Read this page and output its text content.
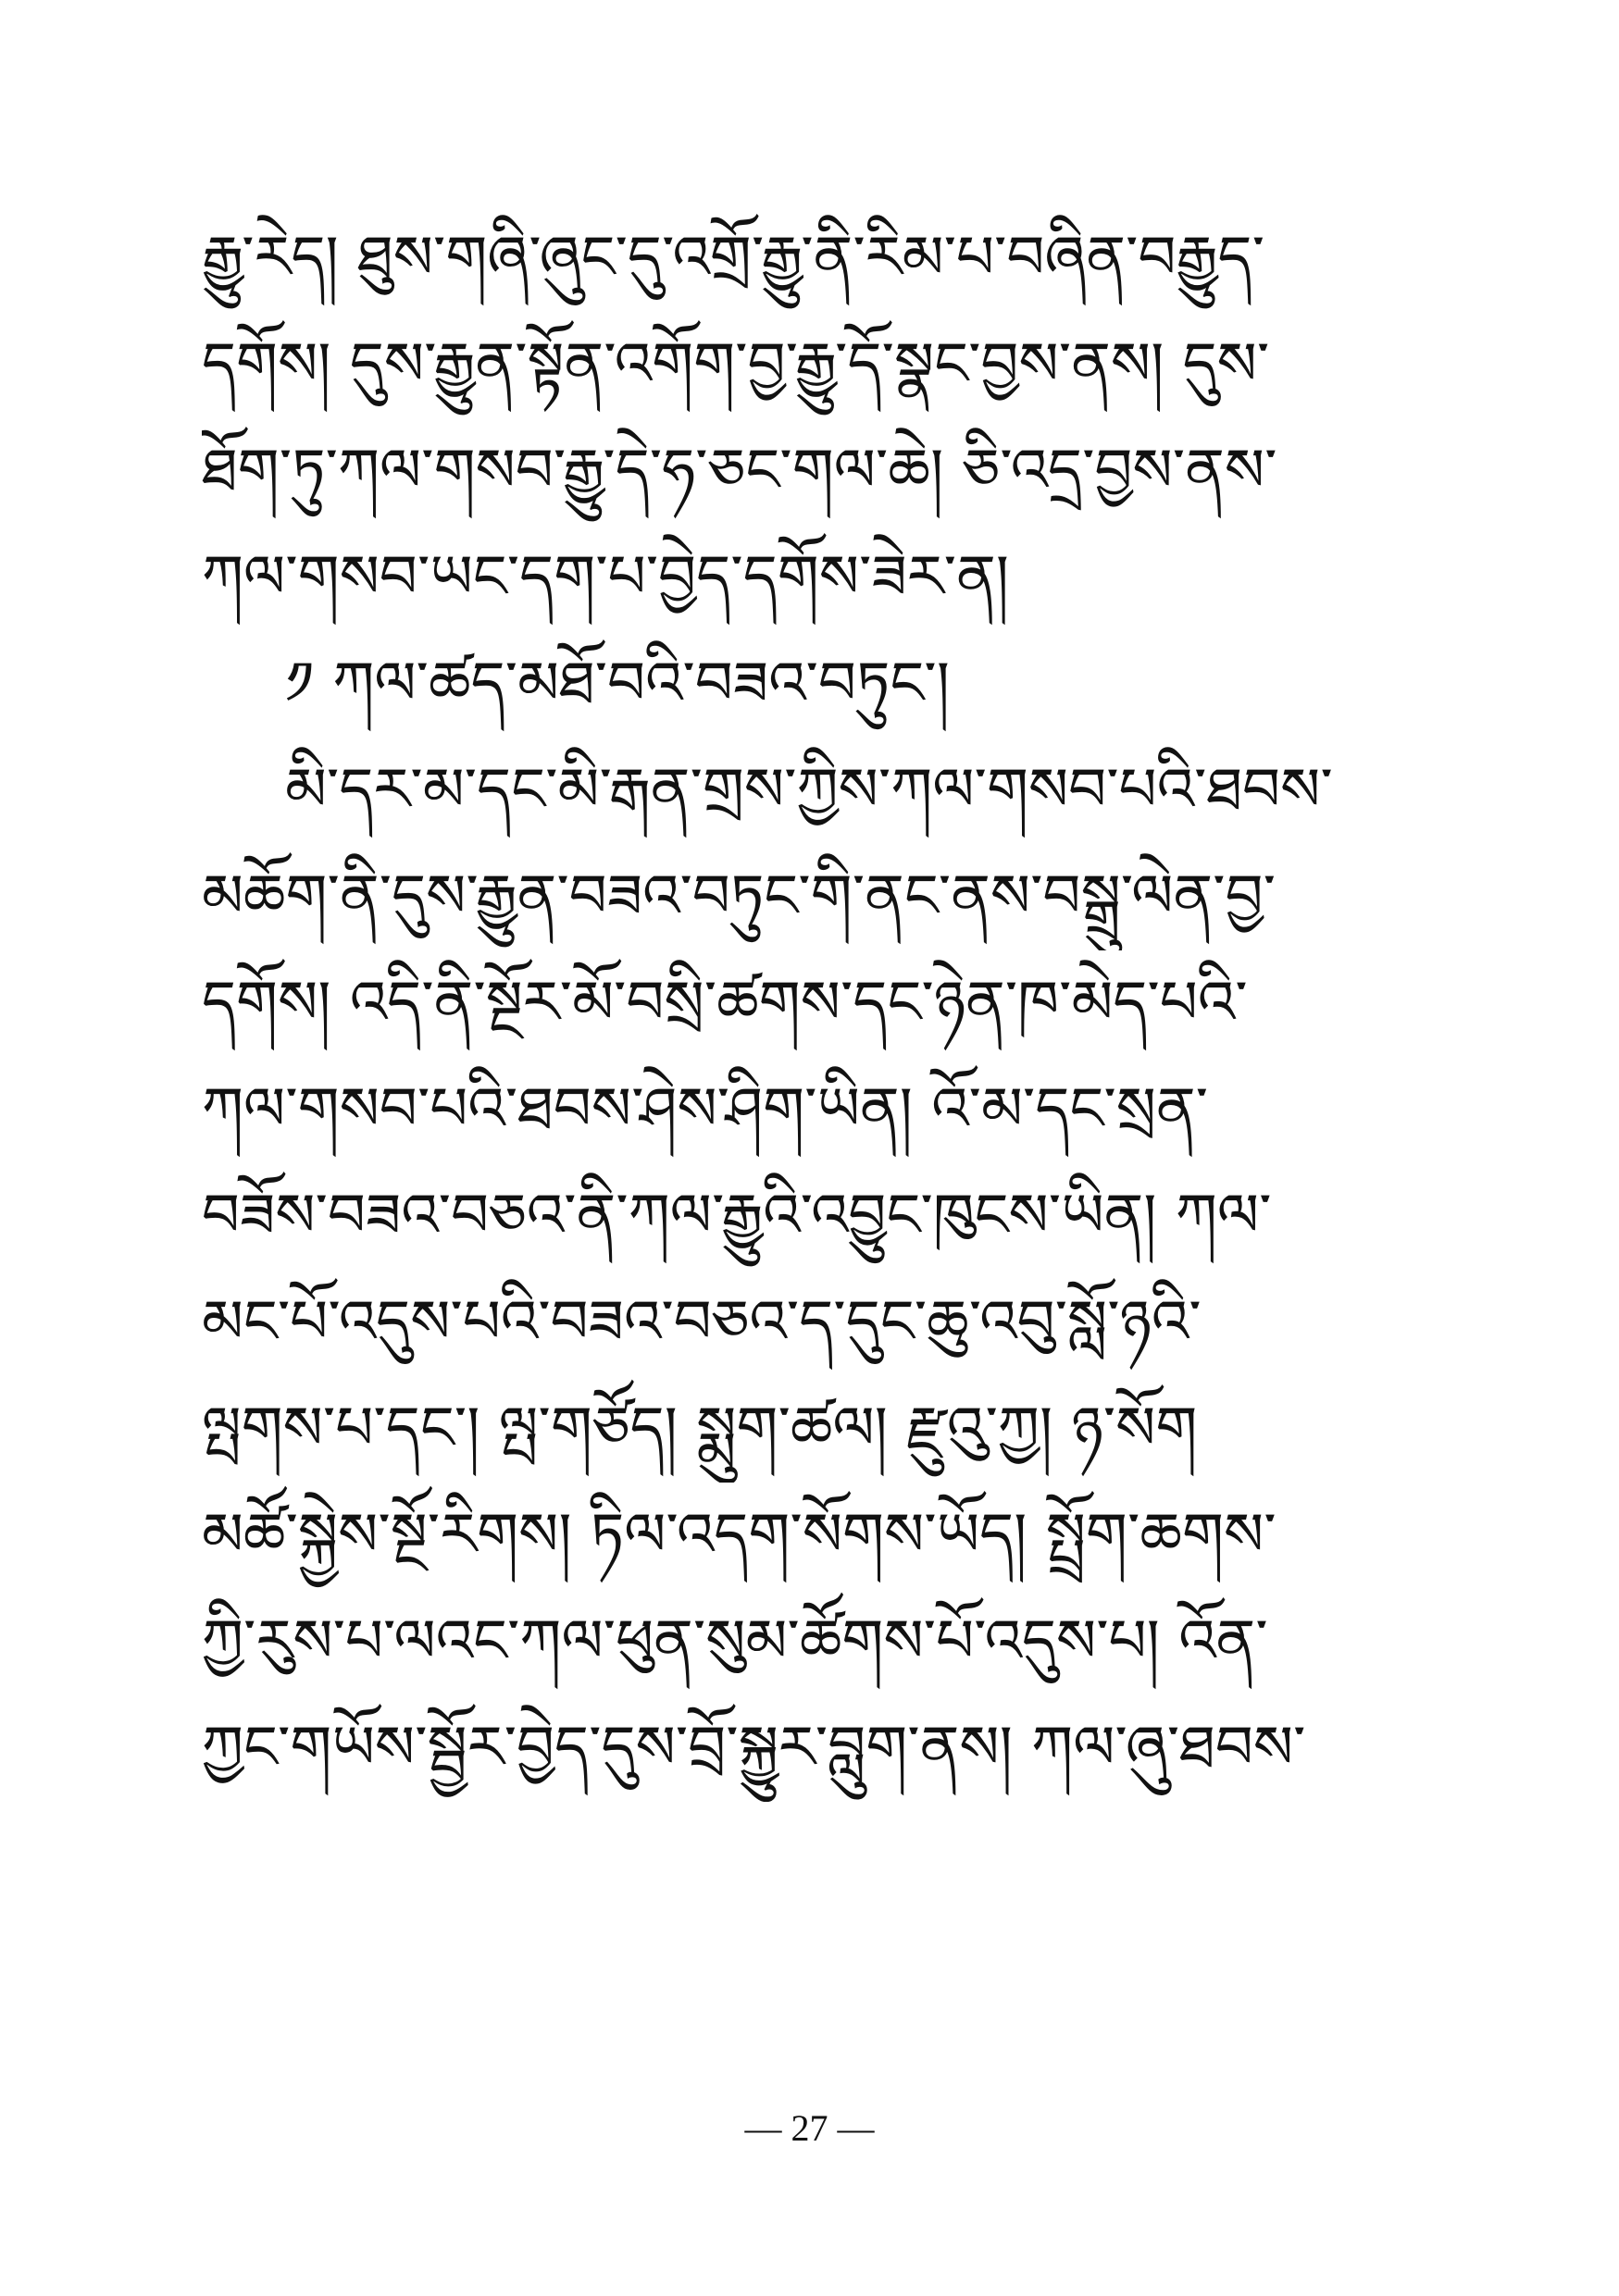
རྒྱུ་རེད། ཐུས་གཞི་ཞུང་དུ་འགྲོ་རྒྱུ་ནི་རིམ་པ་བཞིན་བརྒྱུད་
དགོས། དུས་རྒྱུན་སྟོན་འགོག་བྱ་རྒྱུ་དོ་སྣང་བྱས་ནས། དུས་
ཐོག་ཏུ་ཀལ་གསབ་རྒྱུ་དེ་ཧ་ཅང་གལ་ཆེ། ཅི་འདྲ་བྱས་ནས་
ཀལ་གསབ་ཡང་དག་པ་བྱེད་དགོས་ཟེར་ན།
༡ ཀལ་ཚད་མཐོ་བའི་བཟའ་བཏུང་།
མི་དར་མ་དང་མི་རྒན་གྲས་ཀྱིས་ཀལ་གསབ་པའི་ཐབས་
མཆོག་ནི་དུས་རྒྱུན་བཟའ་བཏུང་གི་ནང་ནས་བསྒྲུ་ལེན་བྱ་
དགོས། འདི་ནི་སྔོར་མོ་བསྲི་ཚགས་དང་ཉེན་ཁ་མེད་པའི་
ཀལ་གསབ་པའི་ཐབས་ཤེས་ཤིག་ཡིན། འོ་མ་དང་སྲན་
བཟོས་བཟའ་བཅའ་ནི་ཀལ་རྒྱུའི་འབྱུང་ཁུངས་ཡིན། ཀལ་
མང་པོ་འདུས་པའི་བཟའ་བཅའ་ད་དུང་ཆུ་འབུ་སློ་ཉའི་
ལྤགས་པ་དང་། ལྤ་གཙོད། སྨུག་ཚལ། རྫུའུ་ཀྱ། ཉ་སོག
མཚོ་སྐྱེས་སྔོ་རིགས། ཏིལ་འདག་སོགས་ཡོད། སྤྲོག་ཆགས་
ཀྱི་རུས་པ་ལའང་ཀལ་ཕུན་སུམ་ཚོགས་པོ་འདུས་པ། འོན་
ཀྱང་གཡོས་སྦྱོར་བྱེད་དུས་བྲོ་སྐྱུར་བླུག་ནས། ཀལ་ཞུ་ཐབས་
— 27 —
